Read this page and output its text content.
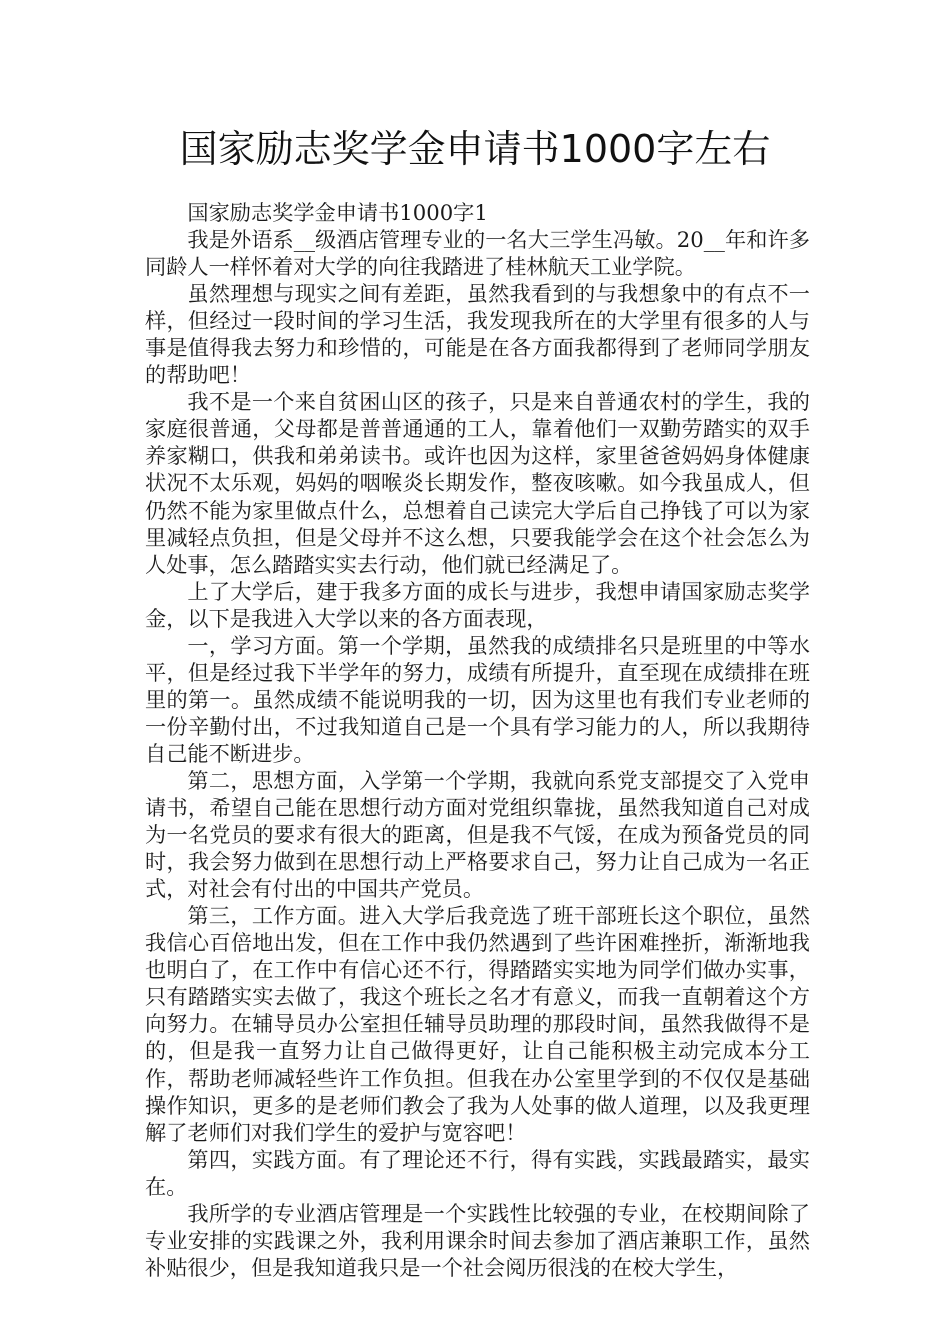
国家励志奖学金申请书1000字左右

国家励志奖学金申请书1000字1

我是外语系__级酒店管理专业的一名大三学生冯敏。20__年和许多同龄人一样怀着对大学的向往我踏进了桂林航天工业学院。

虽然理想与现实之间有差距，虽然我看到的与我想象中的有点不一样，但经过一段时间的学习生活，我发现我所在的大学里有很多的人与事是值得我去努力和珍惜的，可能是在各方面我都得到了老师同学朋友的帮助吧！

我不是一个来自贫困山区的孩子，只是来自普通农村的学生，我的家庭很普通，父母都是普普通通的工人，靠着他们一双勤劳踏实的双手养家糊口，供我和弟弟读书。或许也因为这样，家里爸爸妈妈身体健康状况不太乐观，妈妈的咽喉炎长期发作，整夜咳嗽。如今我虽成人，但仍然不能为家里做点什么，总想着自己读完大学后自己挣钱了可以为家里减轻点负担，但是父母并不这么想，只要我能学会在这个社会怎么为人处事，怎么踏踏实实去行动，他们就已经满足了。

上了大学后，建于我多方面的成长与进步，我想申请国家励志奖学金，以下是我进入大学以来的各方面表现，

一，学习方面。第一个学期，虽然我的成绩排名只是班里的中等水平，但是经过我下半学年的努力，成绩有所提升，直至现在成绩排在班里的第一。虽然成绩不能说明我的一切，因为这里也有我们专业老师的一份辛勤付出，不过我知道自己是一个具有学习能力的人，所以我期待自己能不断进步。

第二，思想方面，入学第一个学期，我就向系党支部提交了入党申请书，希望自己能在思想行动方面对党组织靠拢，虽然我知道自己对成为一名党员的要求有很大的距离，但是我不气馁，在成为预备党员的同时，我会努力做到在思想行动上严格要求自己，努力让自己成为一名正式，对社会有付出的中国共产党员。

第三，工作方面。进入大学后我竞选了班干部班长这个职位，虽然我信心百倍地出发，但在工作中我仍然遇到了些许困难挫折，渐渐地我也明白了，在工作中有信心还不行，得踏踏实实地为同学们做办实事，只有踏踏实实去做了，我这个班长之名才有意义，而我一直朝着这个方向努力。在辅导员办公室担任辅导员助理的那段时间，虽然我做得不是的，但是我一直努力让自己做得更好，让自己能积极主动完成本分工作，帮助老师减轻些许工作负担。但我在办公室里学到的不仅仅是基础操作知识，更多的是老师们教会了我为人处事的做人道理，以及我更理解了老师们对我们学生的爱护与宽容吧！

第四，实践方面。有了理论还不行，得有实践，实践最踏实，最实在。

我所学的专业酒店管理是一个实践性比较强的专业，在校期间除了专业安排的实践课之外，我利用课余时间去参加了酒店兼职工作，虽然补贴很少，但是我知道我只是一个社会阅历很浅的在校大学生，
